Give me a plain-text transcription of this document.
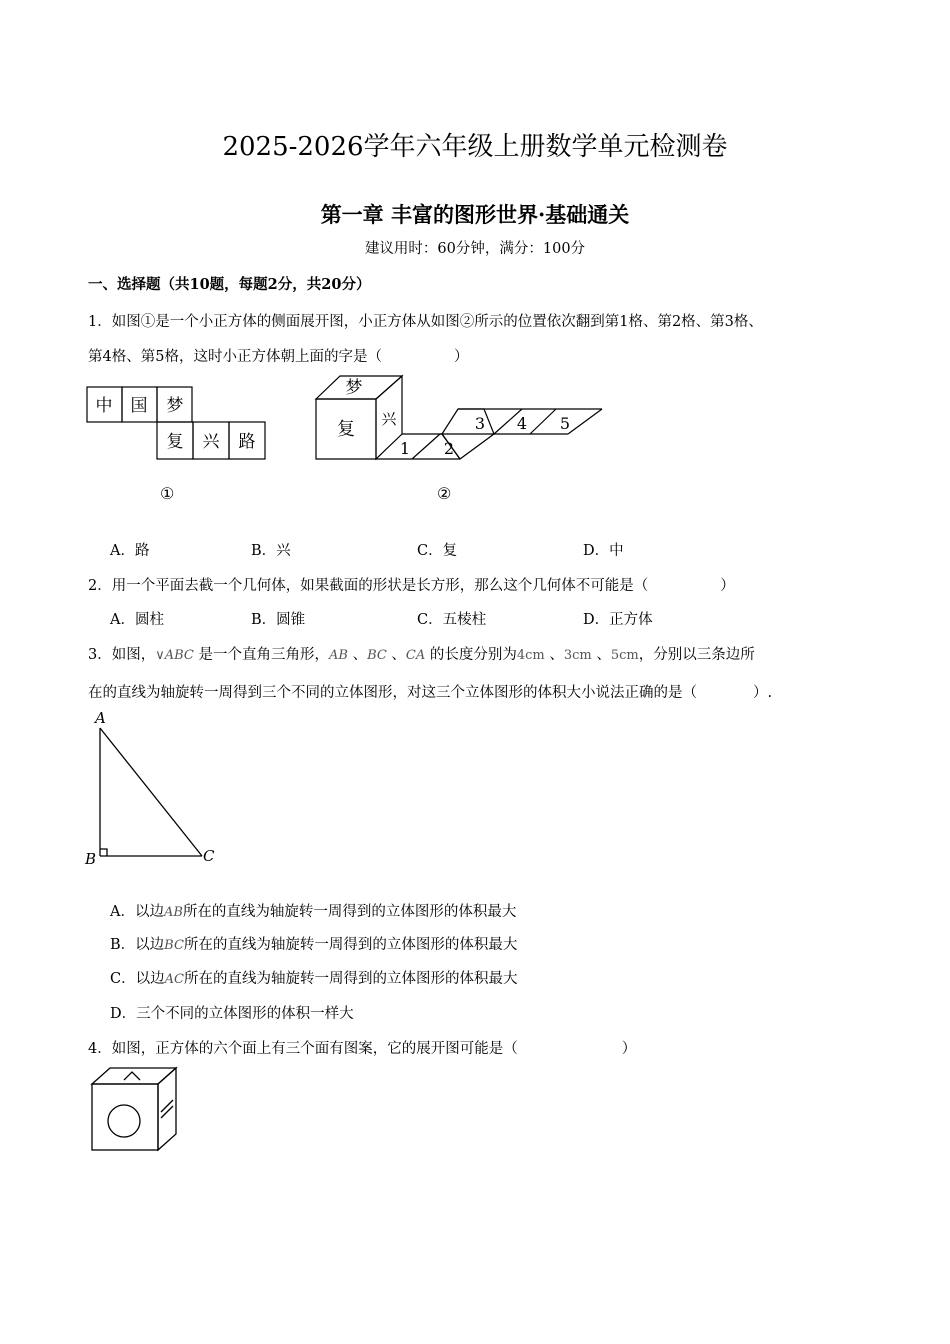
2025-2026学年六年级上册数学单元检测卷
第一章 丰富的图形世界·基础通关
建议用时：60分钟，满分：100分
一、选择题（共10题，每题2分，共20分）
1．如图①是一个小正方体的侧面展开图，小正方体从如图②所示的位置依次翻到第1格、第2格、第3格、
第4格、第5格，这时小正方体朝上面的字是（	）
中 国 梦
复 兴 路
①
梦
复 兴
1 2
3 4 5
②
A．路	B．兴	C．复	D．中
2．用一个平面去截一个几何体，如果截面的形状是长方形，那么这个几何体不可能是（	）
A．圆柱	B．圆锥	C．五棱柱	D．正方体
3．如图，∨ABC 是一个直角三角形，AB 、BC 、CA 的长度分别为4cm 、3cm 、5cm，分别以三条边所
在的直线为轴旋转一周得到三个不同的立体图形，对这三个立体图形的体积大小说法正确的是（	）.
A
B	C
A．以边AB所在的直线为轴旋转一周得到的立体图形的体积最大
B．以边BC所在的直线为轴旋转一周得到的立体图形的体积最大
C．以边AC所在的直线为轴旋转一周得到的立体图形的体积最大
D．三个不同的立体图形的体积一样大
4．如图，正方体的六个面上有三个面有图案，它的展开图可能是（	）
